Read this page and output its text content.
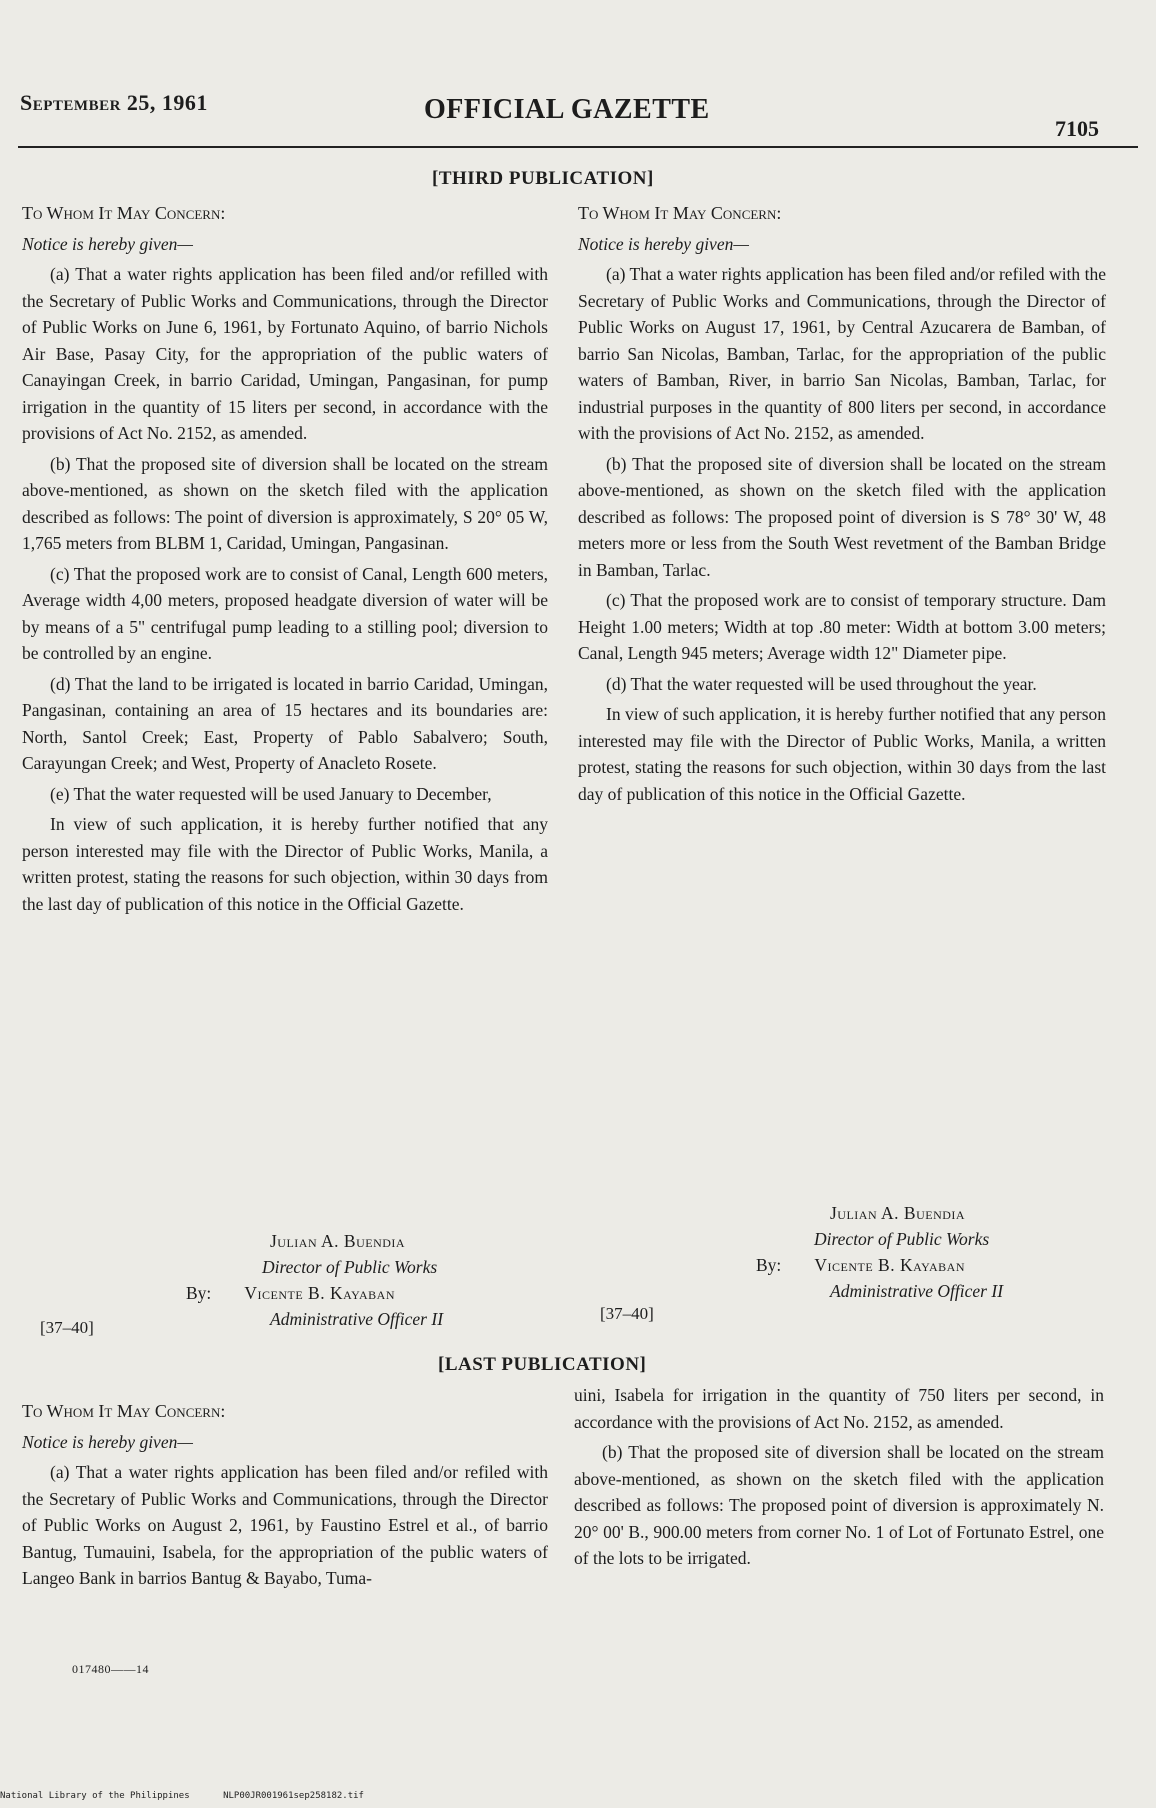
September 25, 1961	OFFICIAL GAZETTE
7105
[THIRD PUBLICATION]

To Whom It May Concern:

Notice is hereby given—

(a) That a water rights application has been filed and/or refilled with the Secretary of Public Works and Communications, through the Director of Public Works on June 6, 1961, by Fortunato Aquino, of barrio Nichols Air Base, Pasay City, for the appropriation of the public waters of Canayingan Creek, in barrio Caridad, Umingan, Pangasinan, for pump irrigation in the quantity of 15 liters per second, in accordance with the provisions of Act No. 2152, as amended.

(b) That the proposed site of diversion shall be located on the stream above-mentioned, as shown on the sketch filed with the application described as follows: The point of diversion is approximately, S 20° 05 W, 1,765 meters from BLBM 1, Caridad, Umingan, Pangasinan.

(c) That the proposed work are to consist of Canal, Length 600 meters, Average width 4,00 meters, proposed headgate diversion of water will be by means of a 5" centrifugal pump leading to a stilling pool; diversion to be controlled by an engine.

(d) That the land to be irrigated is located in barrio Caridad, Umingan, Pangasinan, containing an area of 15 hectares and its boundaries are: North, Santol Creek; East, Property of Pablo Sabalvero; South, Carayungan Creek; and West, Property of Anacleto Rosete.

(e) That the water requested will be used January to December,

In view of such application, it is hereby further notified that any person interested may file with the Director of Public Works, Manila, a written protest, stating the reasons for such objection, within 30 days from the last day of publication of this notice in the Official Gazette.

Julian A. Buendia
Director of Public Works
By: Vicente B. Kayaban
Administrative Officer II
[37–40]

To Whom It May Concern:

Notice is hereby given—

(a) That a water rights application has been filed and/or refiled with the Secretary of Public Works and Communications, through the Director of Public Works on August 17, 1961, by Central Azucarera de Bamban, of barrio San Nicolas, Bamban, Tarlac, for the appropriation of the public waters of Bamban, River, in barrio San Nicolas, Bamban, Tarlac, for industrial purposes in the quantity of 800 liters per second, in accordance with the provisions of Act No. 2152, as amended.

(b) That the proposed site of diversion shall be located on the stream above-mentioned, as shown on the sketch filed with the application described as follows: The proposed point of diversion is S 78° 30' W, 48 meters more or less from the South West revetment of the Bamban Bridge in Bamban, Tarlac.

(c) That the proposed work are to consist of temporary structure. Dam Height 1.00 meters; Width at top .80 meter: Width at bottom 3.00 meters; Canal, Length 945 meters; Average width 12" Diameter pipe.

(d) That the water requested will be used throughout the year.

In view of such application, it is hereby further notified that any person interested may file with the Director of Public Works, Manila, a written protest, stating the reasons for such objection, within 30 days from the last day of publication of this notice in the Official Gazette.

Julian A. Buendia
Director of Public Works
By: Vicente B. Kayaban
Administrative Officer II
[37–40]
[LAST PUBLICATION]

To Whom It May Concern:

Notice is hereby given—

(a) That a water rights application has been filed and/or refiled with the Secretary of Public Works and Communications, through the Director of Public Works on August 2, 1961, by Faustino Estrel et al., of barrio Bantug, Tumauini, Isabela, for the appropriation of the public waters of Langeo Bank in barrios Bantug & Bayabo, Tuma-

017480——14

uini, Isabela for irrigation in the quantity of 750 liters per second, in accordance with the provisions of Act No. 2152, as amended.

(b) That the proposed site of diversion shall be located on the stream above-mentioned, as shown on the sketch filed with the application described as follows: The proposed point of diversion is approximately N. 20° 00' B., 900.00 meters from corner No. 1 of Lot of Fortunato Estrel, one of the lots to be irrigated.

National Library of the Philippines	NLP00JR001961sep258182.tif
